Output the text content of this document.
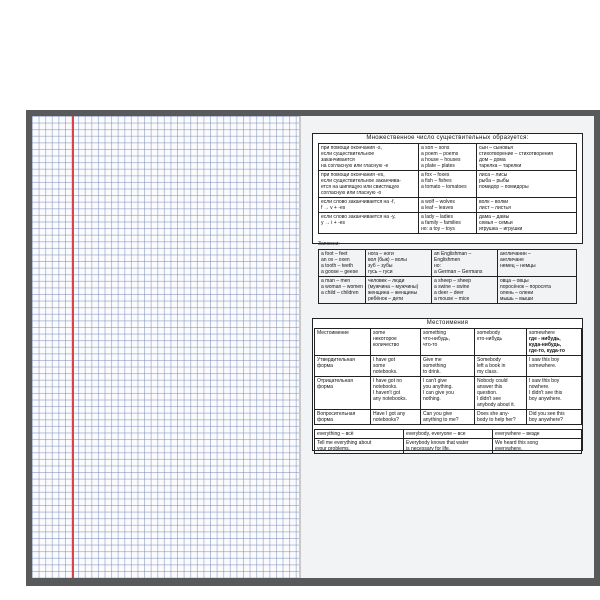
Множественное число существительных образуется:
при помощи окончания -s,
если существительное
заканчивается
на согласную или гласную -e	a son – sons
a poem – poems
a house – houses
a plate – plates	сын – сыновья
стихотворение – стихотворения
дом – дома
тарелка – тарелки

при помощи окончания -es,
если существительное заканчива-
ется на шипящую или свистящую
согласную или гласную -o	a fox – foxes
a fish – fishes
a tomato – tomatoes	лиса – лисы
рыба – рыбы
помидор – помидоры

если слово заканчивается на -f,
f → v + -es	a wolf – wolves
a leaf – leaves	волк – волки
лист – листья

если слово заканчивается на -y,
y → i + -es	a lady – ladies
a family – families
но: a toy – toys	дама – дамы
семья – семьи
игрушка – игрушки
Запомни:
a foot – feet
an ox – oxen
a tooth – teeth
a goose – geese	нога – ноги
вол (бык) – волы
зуб – зубы
гусь – гуси	an Englishman –
Englishmen
но:
a German – Germans	англичанин –
англичане
немец – немцы

a man – men
a woman – women
a child – children	человек – люди
(мужчина – мужчины)
женщина – женщины
ребёнок – дети	a sheep – sheep
a swine – swine
a deer – deer
a mouse – mice	овца – овцы
поросёнок – поросята
олень – олени
мышь – мыши
Местоимения
Местоимение	some
некоторое
количество	something
что-нибудь,
что-то	somebody
кто-нибудь	somewhere
где - нибудь,
куда-нибудь,
где-то, куда-то

Утвердительная
форма	I have got
some
notebooks.	Give me
something
to drink.	Somebody
left a book in
my class.	I saw this boy
somewhere.

Отрицательная
форма	I have got no
notebooks.
I haven't got
any notebooks.	I can't give
you anything.
I can give you
nothing.	Nobody could
answer this
question.
I didn't see
anybody about it.	I saw this boy
nowhere.
I didn't see this
boy anywhere.

Вопросительная
форма	Have I got any
notebooks?	Can you give
anything to me?	Does she any-
body to help her?	Did you see this
boy anywhere?
everything – всё	everybody, everyone – все	everywhere – везде

Tell me everything about
your problems.	Everybody knows that water
is necessary for life.	We heard this song
everywhere.
